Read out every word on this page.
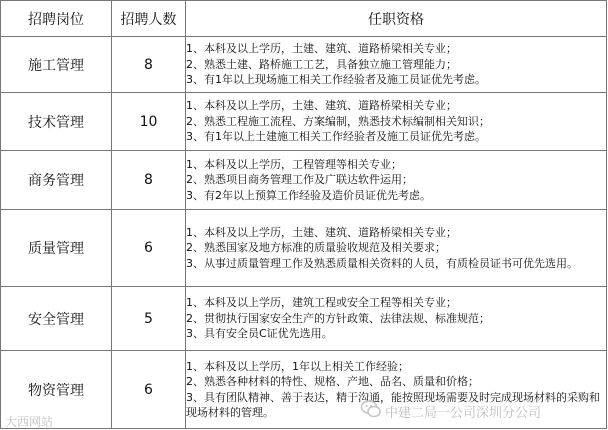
招聘岗位	招聘人数	任职资格
施工管理	8	1、本科及以上学历，土建、建筑、道路桥梁相关专业；
2、熟悉土建、路桥施工工艺，具备独立施工管理能力；
3、有1年以上现场施工相关工作经验者及施工员证优先考虑。

技术管理	10	1、本科及以上学历，土建、建筑、道路桥梁相关专业；
2、熟悉工程施工流程、方案编制，熟悉技术标编制相关知识；
3、有1年以上土建施工相关工作经验者及施工员证优先考虑。

商务管理	8	1、本科及以上学历，工程管理等相关专业；
2、熟悉项目商务管理工作及广联达软件运用；
3、有2年以上预算工作经验及造价员证优先考虑。

质量管理	6	1、本科及以上学历，土建、建筑、道路桥梁相关专业；
2、熟悉国家及地方标准的质量验收规范及相关要求；
3、从事过质量管理工作及熟悉质量相关资料的人员，有质检员证书可优先选用。

安全管理	5	1、本科及以上学历，建筑工程或安全工程等相关专业；
2、贯彻执行国家安全生产的方针政策、法律法规、标准规范；
3、具有安全员C证优先选用。

物资管理	6	1、本科及以上学历，1年以上相关工作经验；
2、熟悉各种材料的特性、规格、产地、品名、质量和价格；
3、具有团队精神、善于表达，精于沟通，能按照现场需要及时完成现场材料的采购和现场材料的管理。
大西网站
中建二局一公司深圳分公司
